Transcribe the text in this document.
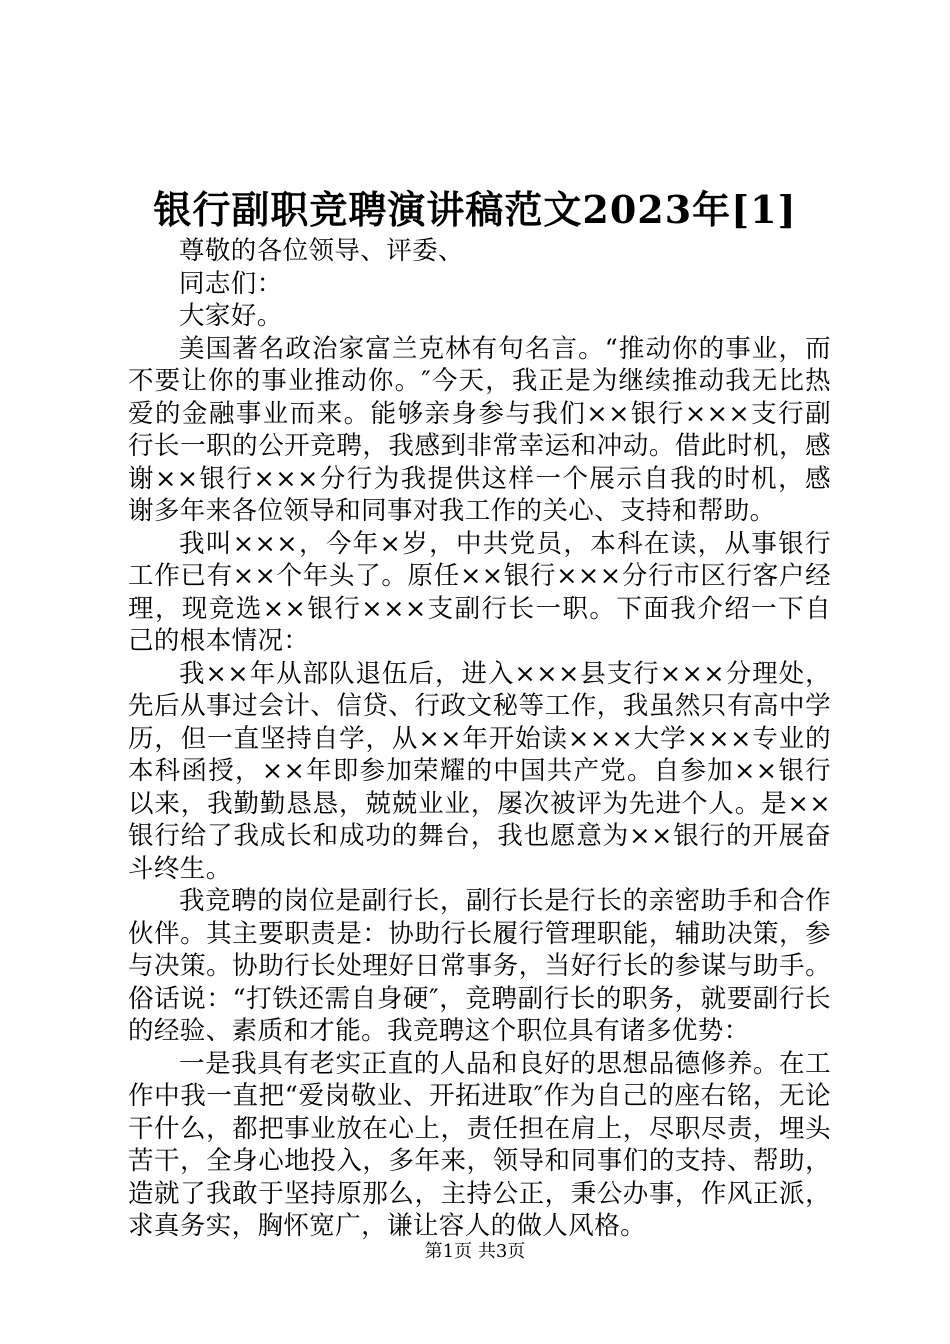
银行副职竞聘演讲稿范文2023年[1]

尊敬的各位领导、评委、

同志们：

大家好。

美国著名政治家富兰克林有句名言。“推动你的事业，而不要让你的事业推动你。″今天，我正是为继续推动我无比热爱的金融事业而来。能够亲身参与我们××银行×××支行副行长一职的公开竞聘，我感到非常幸运和冲动。借此时机，感谢××银行×××分行为我提供这样一个展示自我的时机，感谢多年来各位领导和同事对我工作的关心、支持和帮助。

我叫×××，今年×岁，中共党员，本科在读，从事银行工作已有××个年头了。原任××银行×××分行市区行客户经理，现竞选××银行×××支副行长一职。下面我介绍一下自己的根本情况：

我××年从部队退伍后，进入×××县支行×××分理处，先后从事过会计、信贷、行政文秘等工作，我虽然只有高中学历，但一直坚持自学，从××年开始读×××大学×××专业的本科函授，××年即参加荣耀的中国共产党。自参加××银行以来，我勤勤恳恳，兢兢业业，屡次被评为先进个人。是××银行给了我成长和成功的舞台，我也愿意为××银行的开展奋斗终生。

我竞聘的岗位是副行长，副行长是行长的亲密助手和合作伙伴。其主要职责是：协助行长履行管理职能，辅助决策，参与决策。协助行长处理好日常事务，当好行长的参谋与助手。俗话说：“打铁还需自身硬″，竞聘副行长的职务，就要副行长的经验、素质和才能。我竞聘这个职位具有诸多优势：

一是我具有老实正直的人品和良好的思想品德修养。在工作中我一直把“爱岗敬业、开拓进取″作为自己的座右铭，无论干什么，都把事业放在心上，责任担在肩上，尽职尽责，埋头苦干，全身心地投入，多年来，领导和同事们的支持、帮助，造就了我敢于坚持原那么，主持公正，秉公办事，作风正派，求真务实，胸怀宽广，谦让容人的做人风格。

第1页 共3页
